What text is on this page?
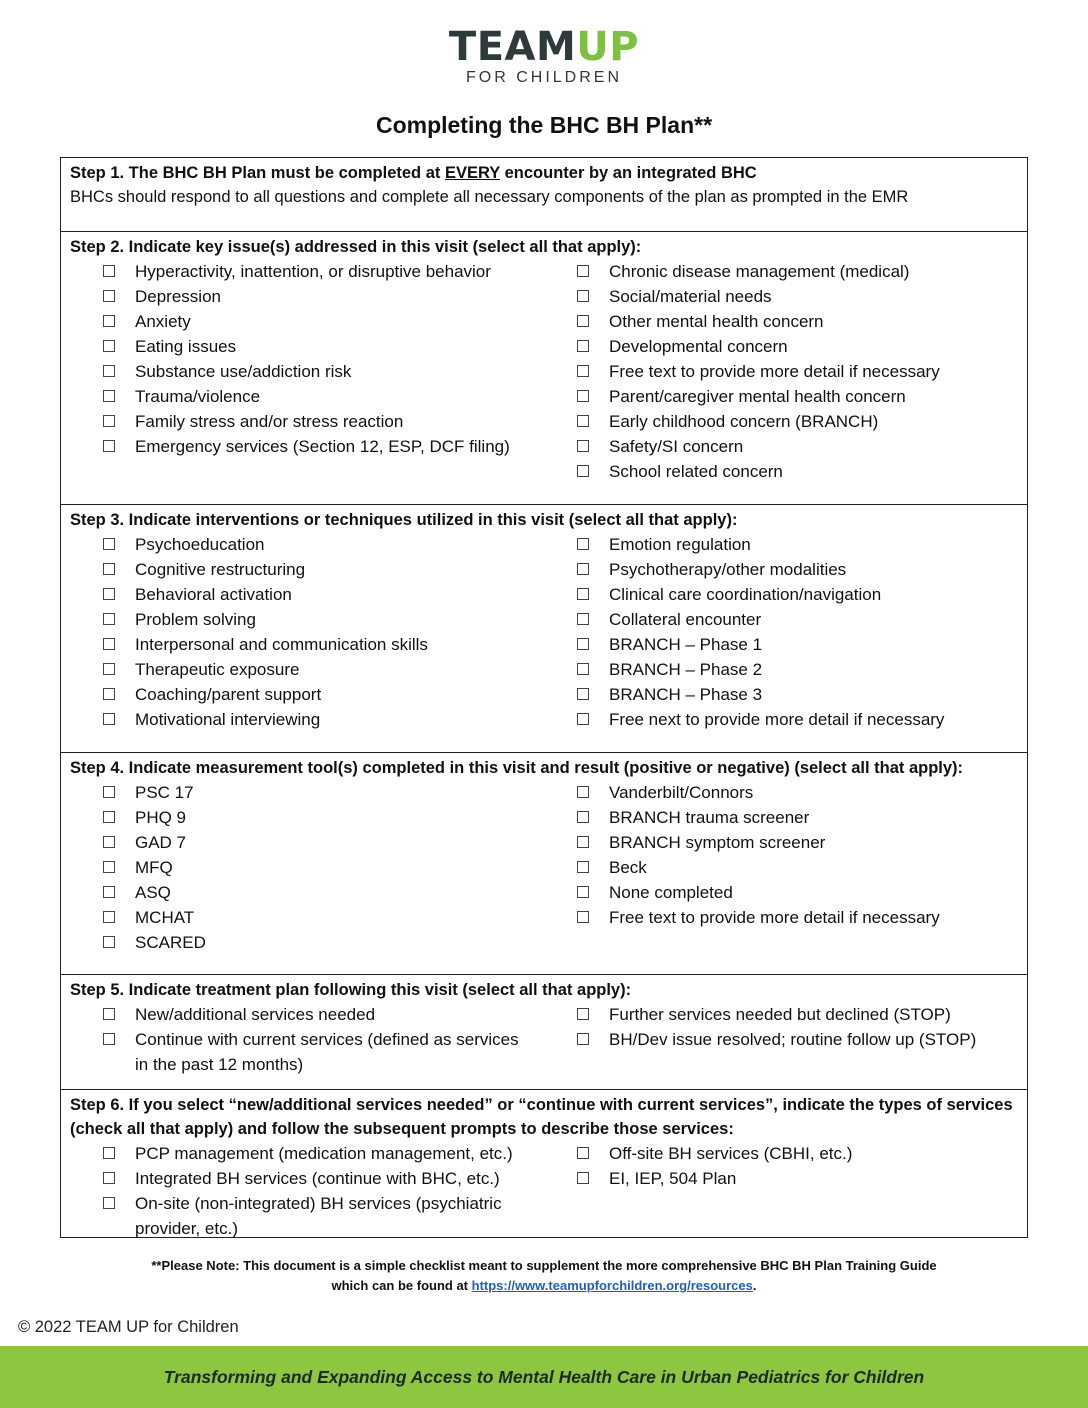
TEAMUP
FOR CHILDREN
Completing the BHC BH Plan**
Step 1. The BHC BH Plan must be completed at EVERY encounter by an integrated BHC
BHCs should respond to all questions and complete all necessary components of the plan as prompted in the EMR
Step 2. Indicate key issue(s) addressed in this visit (select all that apply):
Hyperactivity, inattention, or disruptive behavior
Depression
Anxiety
Eating issues
Substance use/addiction risk
Trauma/violence
Family stress and/or stress reaction
Emergency services (Section 12, ESP, DCF filing)
Chronic disease management (medical)
Social/material needs
Other mental health concern
Developmental concern
Free text to provide more detail if necessary
Parent/caregiver mental health concern
Early childhood concern (BRANCH)
Safety/SI concern
School related concern
Step 3. Indicate interventions or techniques utilized in this visit (select all that apply):
Psychoeducation
Cognitive restructuring
Behavioral activation
Problem solving
Interpersonal and communication skills
Therapeutic exposure
Coaching/parent support
Motivational interviewing
Emotion regulation
Psychotherapy/other modalities
Clinical care coordination/navigation
Collateral encounter
BRANCH – Phase 1
BRANCH – Phase 2
BRANCH – Phase 3
Free next to provide more detail if necessary
Step 4. Indicate measurement tool(s) completed in this visit and result (positive or negative) (select all that apply):
PSC 17
PHQ 9
GAD 7
MFQ
ASQ
MCHAT
SCARED
Vanderbilt/Connors
BRANCH trauma screener
BRANCH symptom screener
Beck
None completed
Free text to provide more detail if necessary
Step 5. Indicate treatment plan following this visit (select all that apply):
New/additional services needed
Continue with current services (defined as services in the past 12 months)
Further services needed but declined (STOP)
BH/Dev issue resolved; routine follow up (STOP)
Step 6. If you select “new/additional services needed” or “continue with current services”, indicate the types of services (check all that apply) and follow the subsequent prompts to describe those services:
PCP management (medication management, etc.)
Integrated BH services (continue with BHC, etc.)
On-site (non-integrated) BH services (psychiatric provider, etc.)
Off-site BH services (CBHI, etc.)
EI, IEP, 504 Plan
**Please Note: This document is a simple checklist meant to supplement the more comprehensive BHC BH Plan Training Guide
which can be found at https://www.teamupforchildren.org/resources.
© 2022 TEAM UP for Children
Transforming and Expanding Access to Mental Health Care in Urban Pediatrics for Children
